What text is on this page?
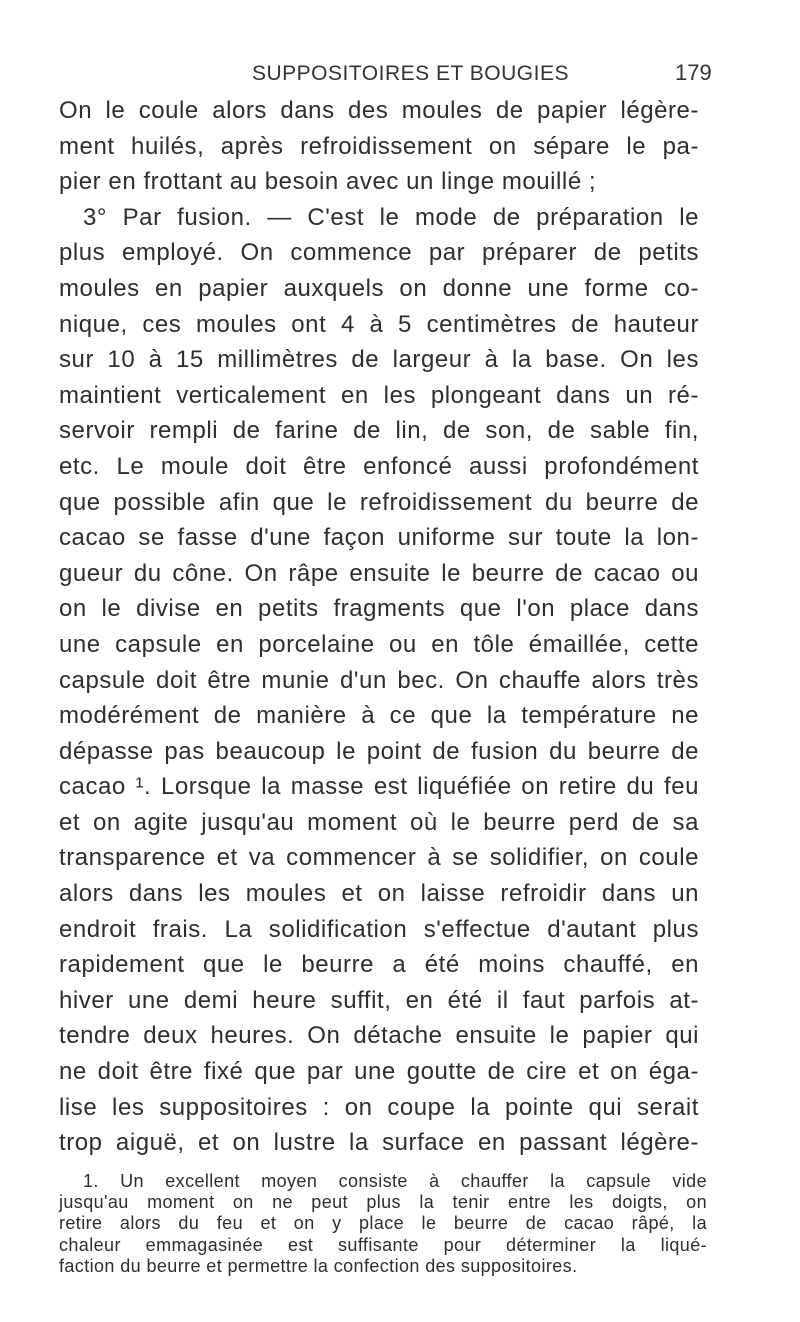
SUPPOSITOIRES ET BOUGIES	179
On le coule alors dans des moules de papier légère-
ment huilés, après refroidissement on sépare le pa-
pier en frottant au besoin avec un linge mouillé ;
3° Par fusion. — C'est le mode de préparation le
plus employé. On commence par préparer de petits
moules en papier auxquels on donne une forme co-
nique, ces moules ont 4 à 5 centimètres de hauteur
sur 10 à 15 millimètres de largeur à la base. On les
maintient verticalement en les plongeant dans un ré-
servoir rempli de farine de lin, de son, de sable fin,
etc. Le moule doit être enfoncé aussi profondément
que possible afin que le refroidissement du beurre de
cacao se fasse d'une façon uniforme sur toute la lon-
gueur du cône. On râpe ensuite le beurre de cacao ou
on le divise en petits fragments que l'on place dans
une capsule en porcelaine ou en tôle émaillée, cette
capsule doit être munie d'un bec. On chauffe alors très
modérément de manière à ce que la température ne
dépasse pas beaucoup le point de fusion du beurre de
cacao ¹. Lorsque la masse est liquéfiée on retire du feu
et on agite jusqu'au moment où le beurre perd de sa
transparence et va commencer à se solidifier, on coule
alors dans les moules et on laisse refroidir dans un
endroit frais. La solidification s'effectue d'autant plus
rapidement que le beurre a été moins chauffé, en
hiver une demi heure suffit, en été il faut parfois at-
tendre deux heures. On détache ensuite le papier qui
ne doit être fixé que par une goutte de cire et on éga-
lise les suppositoires : on coupe la pointe qui serait
trop aiguë, et on lustre la surface en passant légère-
1. Un excellent moyen consiste à chauffer la capsule vide
jusqu'au moment on ne peut plus la tenir entre les doigts, on
retire alors du feu et on y place le beurre de cacao râpé, la
chaleur emmagasinée est suffisante pour déterminer la liqué-
faction du beurre et permettre la confection des suppositoires.
